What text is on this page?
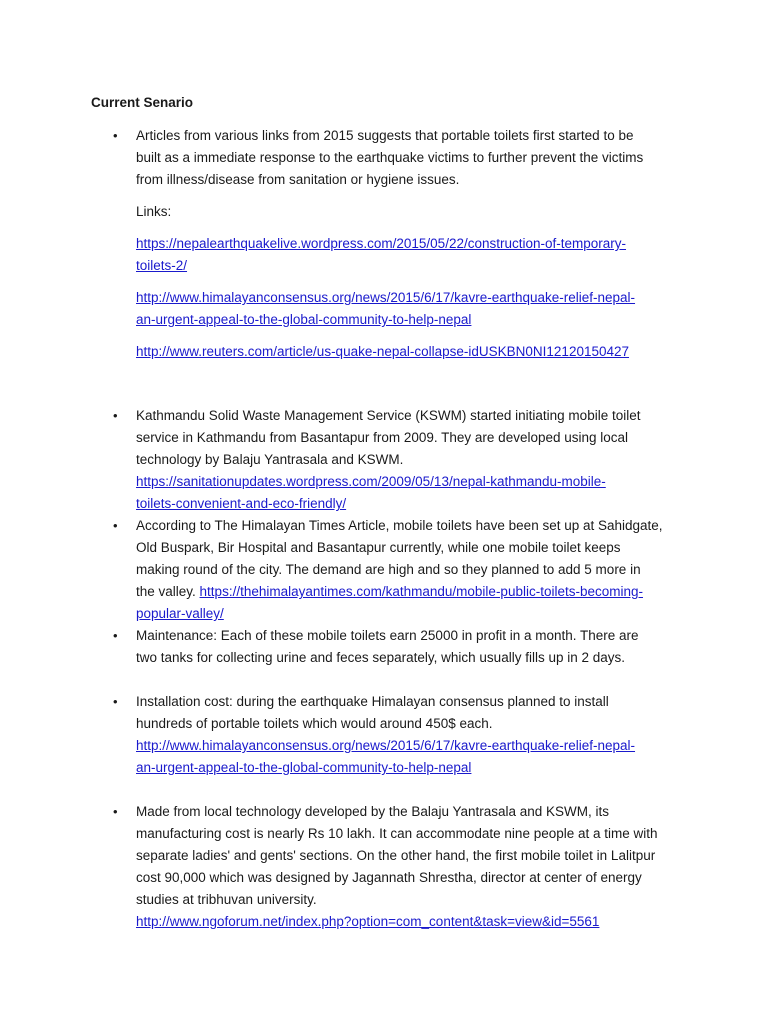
Current Senario
• Articles from various links from 2015 suggests that portable toilets first started to be
built as a immediate response to the earthquake victims to further prevent the victims
from illness/disease from sanitation or hygiene issues.
Links:
https://nepalearthquakelive.wordpress.com/2015/05/22/construction-of-temporary-
toilets-2/
http://www.himalayanconsensus.org/news/2015/6/17/kavre-earthquake-relief-nepal-
an-urgent-appeal-to-the-global-community-to-help-nepal
http://www.reuters.com/article/us-quake-nepal-collapse-idUSKBN0NI12120150427
• Kathmandu Solid Waste Management Service (KSWM) started initiating mobile toilet
service in Kathmandu from Basantapur from 2009. They are developed using local
technology by Balaju Yantrasala and KSWM.
https://sanitationupdates.wordpress.com/2009/05/13/nepal-kathmandu-mobile-
toilets-convenient-and-eco-friendly/
• According to The Himalayan Times Article, mobile toilets have been set up at Sahidgate,
Old Buspark, Bir Hospital and Basantapur currently, while one mobile toilet keeps
making round of the city. The demand are high and so they planned to add 5 more in
the valley. https://thehimalayantimes.com/kathmandu/mobile-public-toilets-becoming-
popular-valley/
• Maintenance: Each of these mobile toilets earn 25000 in profit in a month. There are
two tanks for collecting urine and feces separately, which usually fills up in 2 days.
• Installation cost: during the earthquake Himalayan consensus planned to install
hundreds of portable toilets which would around 450$ each.
http://www.himalayanconsensus.org/news/2015/6/17/kavre-earthquake-relief-nepal-
an-urgent-appeal-to-the-global-community-to-help-nepal
• Made from local technology developed by the Balaju Yantrasala and KSWM, its
manufacturing cost is nearly Rs 10 lakh. It can accommodate nine people at a time with
separate ladies' and gents' sections. On the other hand, the first mobile toilet in Lalitpur
cost 90,000 which was designed by Jagannath Shrestha, director at center of energy
studies at tribhuvan university.
http://www.ngoforum.net/index.php?option=com_content&task=view&id=5561
